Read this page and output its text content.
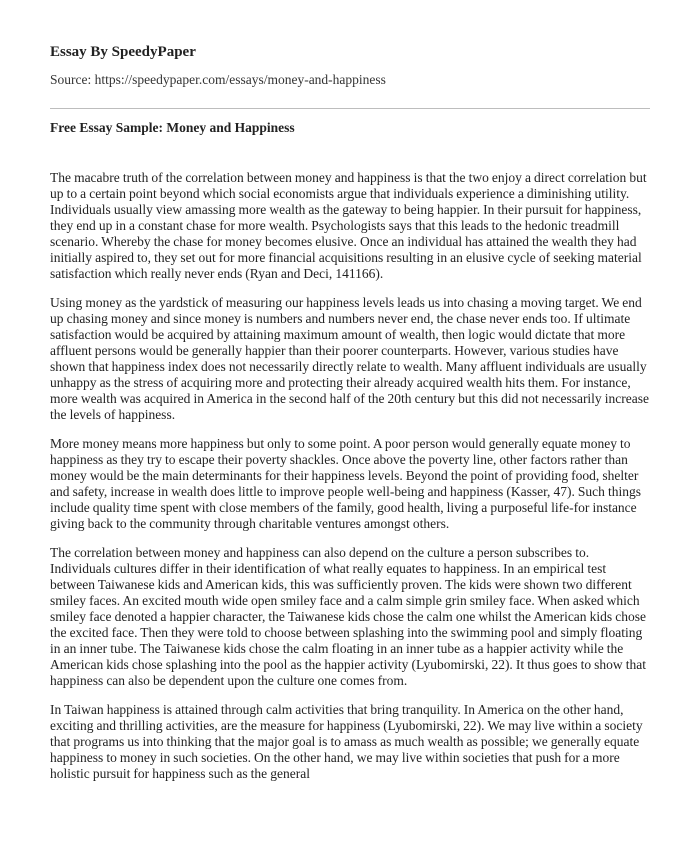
Essay By SpeedyPaper

Source: https://speedypaper.com/essays/money-and-happiness

Free Essay Sample: Money and Happiness

The macabre truth of the correlation between money and happiness is that the two enjoy a direct correlation but up to a certain point beyond which social economists argue that individuals experience a diminishing utility. Individuals usually view amassing more wealth as the gateway to being happier. In their pursuit for happiness, they end up in a constant chase for more wealth. Psychologists says that this leads to the hedonic treadmill scenario. Whereby the chase for money becomes elusive. Once an individual has attained the wealth they had initially aspired to, they set out for more financial acquisitions resulting in an elusive cycle of seeking material satisfaction which really never ends (Ryan and Deci, 141166).

Using money as the yardstick of measuring our happiness levels leads us into chasing a moving target. We end up chasing money and since money is numbers and numbers never end, the chase never ends too. If ultimate satisfaction would be acquired by attaining maximum amount of wealth, then logic would dictate that more affluent persons would be generally happier than their poorer counterparts. However, various studies have shown that happiness index does not necessarily directly relate to wealth. Many affluent individuals are usually unhappy as the stress of acquiring more and protecting their already acquired wealth hits them. For instance, more wealth was acquired in America in the second half of the 20th century but this did not necessarily increase the levels of happiness.

More money means more happiness but only to some point. A poor person would generally equate money to happiness as they try to escape their poverty shackles. Once above the poverty line, other factors rather than money would be the main determinants for their happiness levels. Beyond the point of providing food, shelter and safety, increase in wealth does little to improve people well-being and happiness (Kasser, 47). Such things include quality time spent with close members of the family, good health, living a purposeful life-for instance giving back to the community through charitable ventures amongst others.

The correlation between money and happiness can also depend on the culture a person subscribes to. Individuals cultures differ in their identification of what really equates to happiness. In an empirical test between Taiwanese kids and American kids, this was sufficiently proven. The kids were shown two different smiley faces. An excited mouth wide open smiley face and a calm simple grin smiley face. When asked which smiley face denoted a happier character, the Taiwanese kids chose the calm one whilst the American kids chose the excited face. Then they were told to choose between splashing into the swimming pool and simply floating in an inner tube. The Taiwanese kids chose the calm floating in an inner tube as a happier activity while the American kids chose splashing into the pool as the happier activity (Lyubomirski, 22). It thus goes to show that happiness can also be dependent upon the culture one comes from.

In Taiwan happiness is attained through calm activities that bring tranquility. In America on the other hand, exciting and thrilling activities, are the measure for happiness (Lyubomirski, 22). We may live within a society that programs us into thinking that the major goal is to amass as much wealth as possible; we generally equate happiness to money in such societies. On the other hand, we may live within societies that push for a more holistic pursuit for happiness such as the general
